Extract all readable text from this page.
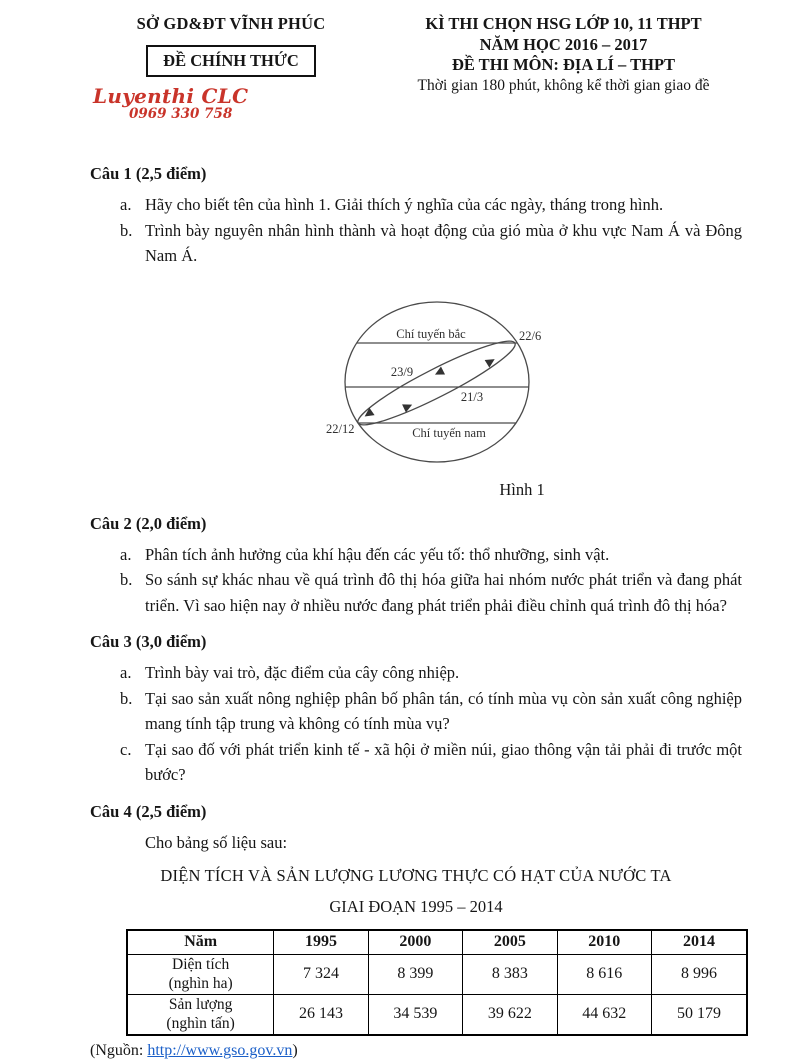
SỞ GD&ĐT VĨNH PHÚC
ĐỀ CHÍNH THỨC
Luyenthi CLC
0969 330 758
KÌ THI CHỌN HSG LỚP 10, 11 THPT
NĂM HỌC 2016 – 2017
ĐỀ THI MÔN: ĐỊA LÍ – THPT
Thời gian 180 phút, không kể thời gian giao đề
Câu 1 (2,5 điểm)
a. Hãy cho biết tên của hình 1. Giải thích ý nghĩa của các ngày, tháng trong hình.
b. Trình bày nguyên nhân hình thành và hoạt động của gió mùa ở khu vực Nam Á và Đông Nam Á.
Chí tuyến bắc	22/6
23/9
21/3
22/12	Chí tuyến nam
Hình 1
Câu 2 (2,0 điểm)
a. Phân tích ảnh hưởng của khí hậu đến các yếu tố: thổ nhưỡng, sinh vật.
b. So sánh sự khác nhau về quá trình đô thị hóa giữa hai nhóm nước phát triển và đang phát triển. Vì sao hiện nay ở nhiều nước đang phát triển phải điều chỉnh quá trình đô thị hóa?
Câu 3 (3,0 điểm)
a. Trình bày vai trò, đặc điểm của cây công nhiệp.
b. Tại sao sản xuất nông nghiệp phân bố phân tán, có tính mùa vụ còn sản xuất công nghiệp mang tính tập trung và không có tính mùa vụ?
c. Tại sao đố với phát triển kinh tế - xã hội ở miền núi, giao thông vận tải phải đi trước một bước?
Câu 4 (2,5 điểm)
Cho bảng số liệu sau:
DIỆN TÍCH VÀ SẢN LƯỢNG LƯƠNG THỰC CÓ HẠT CỦA NƯỚC TA
GIAI ĐOẠN 1995 – 2014
Năm	1995	2000	2005	2010	2014

Diện tích
(nghìn ha)	7 324	8 399	8 383	8 616	8 996

Sản lượng
(nghìn tấn)	26 143	34 539	39 622	44 632	50 179
(Nguồn: http://www.gso.gov.vn)
